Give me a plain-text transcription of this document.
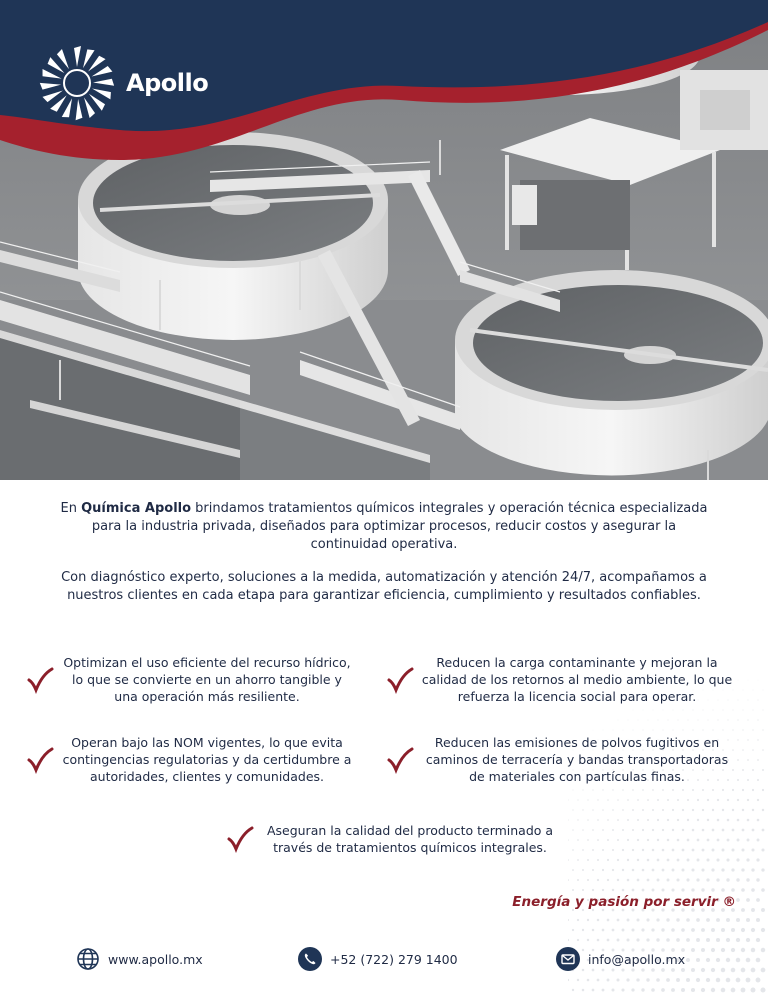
Apollo
En Química Apollo brindamos tratamientos químicos integrales y operación técnica especializada para la industria privada, diseñados para optimizar procesos, reducir costos y asegurar la continuidad operativa.
Con diagnóstico experto, soluciones a la medida, automatización y atención 24/7, acompañamos a nuestros clientes en cada etapa para garantizar eficiencia, cumplimiento y resultados confiables.
Optimizan el uso eficiente del recurso hídrico, lo que se convierte en un ahorro tangible y una operación más resiliente.
Reducen la carga contaminante y mejoran la calidad de los retornos al medio ambiente, lo que refuerza la licencia social para operar.
Operan bajo las NOM vigentes, lo que evita contingencias regulatorias y da certidumbre a autoridades, clientes y comunidades.
Reducen las emisiones de polvos fugitivos en caminos de terracería y bandas transportadoras de materiales con partículas finas.
Aseguran la calidad del producto terminado a través de tratamientos químicos integrales.
Energía y pasión por servir ®
www.apollo.mx	+52 (722) 279 1400	info@apollo.mx
